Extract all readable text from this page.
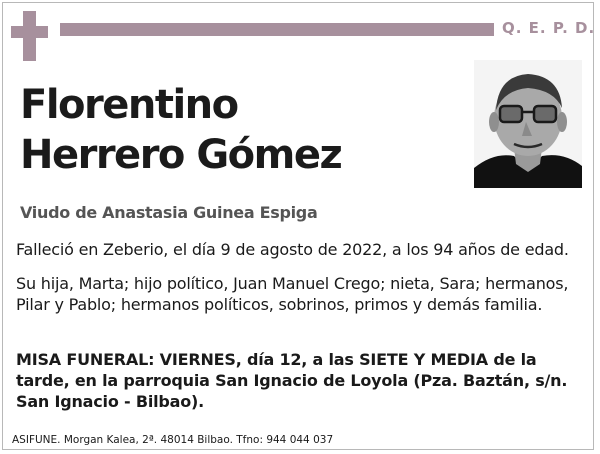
Q. E. P. D.
Florentino
Herrero Gómez
Viudo de Anastasia Guinea Espiga
Falleció en Zeberio, el día 9 de agosto de 2022, a los 94 años de edad.
Su hija, Marta; hijo político, Juan Manuel Crego; nieta, Sara; hermanos, Pilar y Pablo; hermanos políticos, sobrinos, primos y demás familia.
MISA FUNERAL: VIERNES, día 12, a las SIETE Y MEDIA de la tarde, en la parroquia San Ignacio de Loyola (Pza. Baztán, s/n. San Ignacio - Bilbao).
ASIFUNE. Morgan Kalea, 2ª. 48014 Bilbao. Tfno: 944 044 037
